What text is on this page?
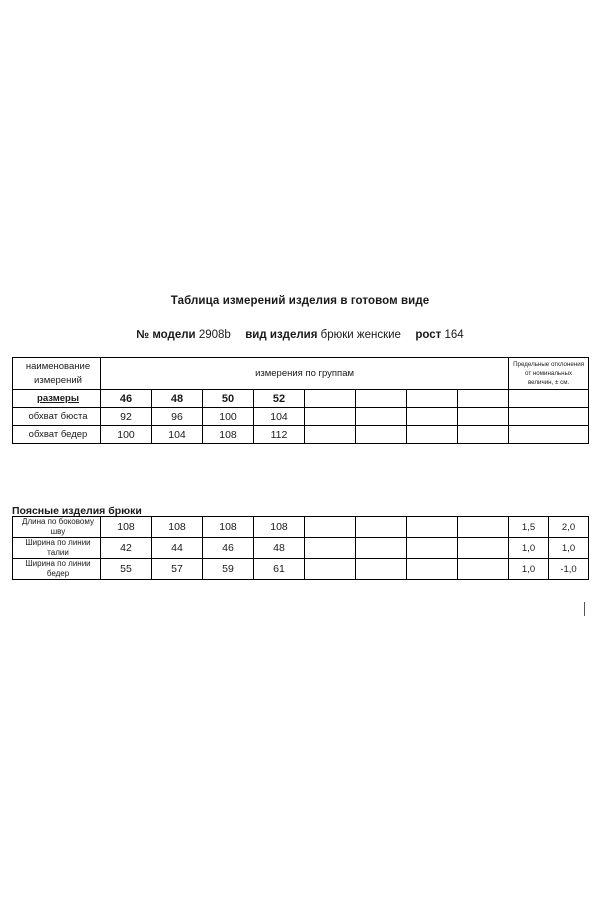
Таблица измерений изделия в готовом виде
№ модели 2908b вид изделия брюки женские рост 164
наименование
измерений	измерения по группам								Предельные отклонения от номинальных величин, ± см.

размеры	46	48	50	52					
обхват бюста	92	96	100	104					
обхват бедер	100	104	108	112					
Поясные изделия брюки
Длина по боковому шву	108	108	108	108					1,5	2,0
Ширина по линии талии	42	44	46	48					1,0	1,0
Ширина по линии бедер	55	57	59	61					1,0	-1,0
